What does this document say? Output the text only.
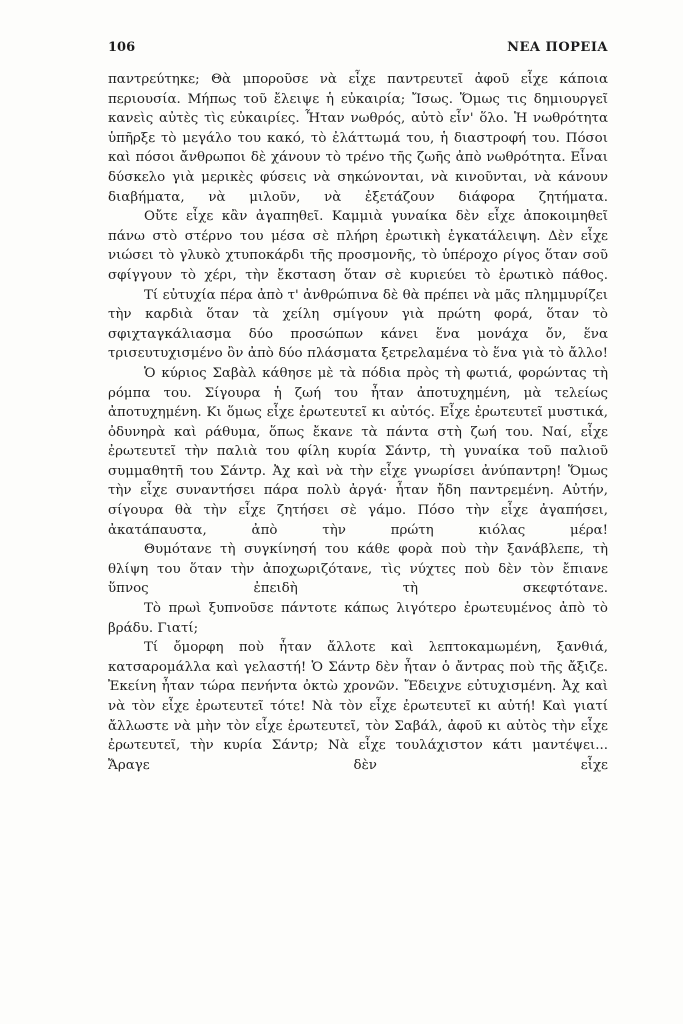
106	ΝΕΑ ΠΟΡΕΙΑ

παντρεύτηκε; Θὰ μποροῦσε νὰ εἶχε παντρευτεῖ ἀφοῦ εἶχε κάποια περιουσία. Μήπως τοῦ ἔλειψε ἡ εὐκαιρία; Ἴσως. Ὅμως τις δημιουργεῖ κανεὶς αὐτὲς τὶς εὐκαιρίες. Ἦταν νωθρός, αὐτὸ εἶν' ὅλο. Ἡ νωθρότητα ὑπῆρξε τὸ μεγάλο του κακό, τὸ ἐλάττωμά του, ἡ διαστροφή του. Πόσοι καὶ πόσοι ἄνθρωποι δὲ χάνουν τὸ τρένο τῆς ζωῆς ἀπὸ νωθρότητα. Εἶναι δύσκελο γιὰ μερικὲς φύσεις νὰ σηκώνονται, νὰ κινοῦνται, νὰ κάνουν διαβήματα, νὰ μιλοῦν, νὰ ἐξετάζουν διάφορα ζητήματα.

Οὔτε εἶχε κἂν ἀγαπηθεῖ. Καμμιὰ γυναίκα δὲν εἶχε ἀποκοιμηθεῖ πάνω στὸ στέρνο του μέσα σὲ πλήρη ἐρωτικὴ ἐγκατάλειψη. Δὲν εἶχε νιώσει τὸ γλυκὸ χτυποκάρδι τῆς προσμονῆς, τὸ ὑπέροχο ρίγος ὅταν σοῦ σφίγγουν τὸ χέρι, τὴν ἔκσταση ὅταν σὲ κυριεύει τὸ ἐρωτικὸ πάθος.

Τί εὐτυχία πέρα ἀπὸ τ' ἀνθρώπινα δὲ θὰ πρέπει νὰ μᾶς πλημμυρίζει τὴν καρδιὰ ὅταν τὰ χείλη σμίγουν γιὰ πρώτη φορά, ὅταν τὸ σφιχταγκάλιασμα δύο προσώπων κάνει ἕνα μονάχα ὄν, ἕνα τρισευτυχισμένο ὂν ἀπὸ δύο πλάσματα ξετρελαμένα τὸ ἕνα γιὰ τὸ ἄλλο!

Ὁ κύριος Σαβὰλ κάθησε μὲ τὰ πόδια πρὸς τὴ φωτιά, φορώντας τὴ ρόμπα του. Σίγουρα ἡ ζωή του ἦταν ἀποτυχημένη, μὰ τελείως ἀποτυχημένη. Κι ὅμως εἶχε ἐρωτευτεῖ κι αὐτός. Εἶχε ἐρωτευτεῖ μυστικά, ὀδυνηρὰ καὶ ράθυμα, ὅπως ἔκανε τὰ πάντα στὴ ζωή του. Ναί, εἶχε ἐρωτευτεῖ τὴν παλιὰ του φίλη κυρία Σάντρ, τὴ γυναίκα τοῦ παλιοῦ συμμαθητῆ του Σάντρ. Ἀχ καὶ νὰ τὴν εἶχε γνωρίσει ἀνύπαντρη! Ὅμως τὴν εἶχε συναντήσει πάρα πολὺ ἀργά· ἦταν ἤδη παντρεμένη. Αὐτήν, σίγουρα θὰ τὴν εἶχε ζητήσει σὲ γάμο. Πόσο τὴν εἶχε ἀγαπήσει, ἀκατάπαυστα, ἀπὸ τὴν πρώτη κιόλας μέρα!

Θυμότανε τὴ συγκίνησή του κάθε φορὰ ποὺ τὴν ξανάβλεπε, τὴ θλίψη του ὅταν τὴν ἀποχωριζότανε, τὶς νύχτες ποὺ δὲν τὸν ἔπιανε ὕπνος ἐπειδὴ τὴ σκεφτότανε.

Τὸ πρωὶ ξυπνοῦσε πάντοτε κάπως λιγότερο ἐρωτευμένος ἀπὸ τὸ βράδυ. Γιατί;

Τί ὄμορφη ποὺ ἦταν ἄλλοτε καὶ λεπτοκαμωμένη, ξανθιά, κατσαρομάλλα καὶ γελαστή! Ὁ Σάντρ δὲν ἦταν ὁ ἄντρας ποὺ τῆς ἄξιζε. Ἐκείνη ἦταν τώρα πενήντα ὀκτὼ χρονῶν. Ἔδειχνε εὐτυχισμένη. Ἀχ καὶ νὰ τὸν εἶχε ἐρωτευτεῖ τότε! Νὰ τὸν εἶχε ἐρωτευτεῖ κι αὐτή! Καὶ γιατί ἄλλωστε νὰ μὴν τὸν εἶχε ἐρωτευτεῖ, τὸν Σαβάλ, ἀφοῦ κι αὐτὸς τὴν εἶχε ἐρωτευτεῖ, τὴν κυρία Σάντρ; Νὰ εἶχε τουλάχιστον κάτι μαντέψει... Ἄραγε δὲν εἶχε
